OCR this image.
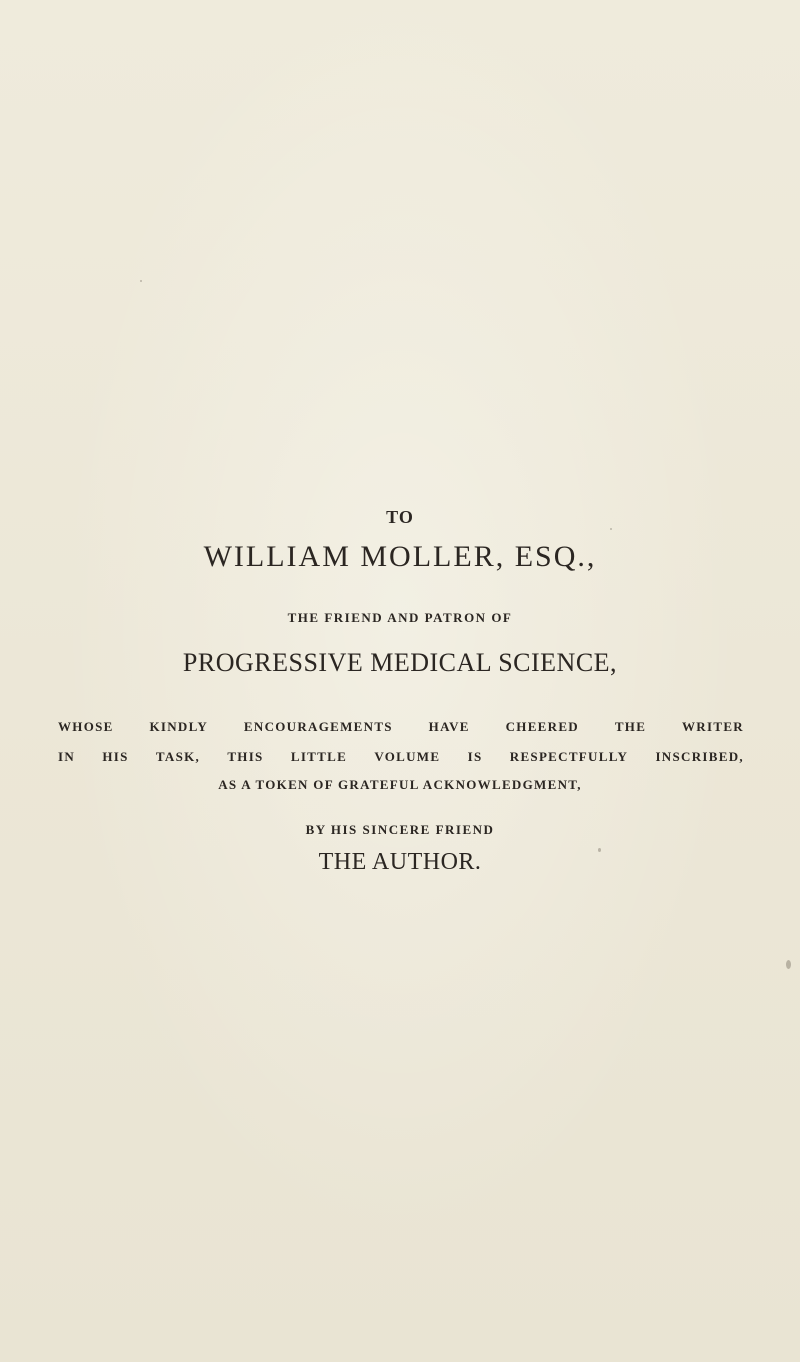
TO
WILLIAM MOLLER, ESQ.,
THE FRIEND AND PATRON OF
PROGRESSIVE MEDICAL SCIENCE,
WHOSE	KINDLY	ENCOURAGEMENTS	HAVE	CHEERED	THE	WRITER
IN HIS TASK, THIS LITTLE VOLUME IS RESPECTFULLY INSCRIBED,
AS A TOKEN OF GRATEFUL ACKNOWLEDGMENT,
BY HIS SINCERE FRIEND
THE AUTHOR.
